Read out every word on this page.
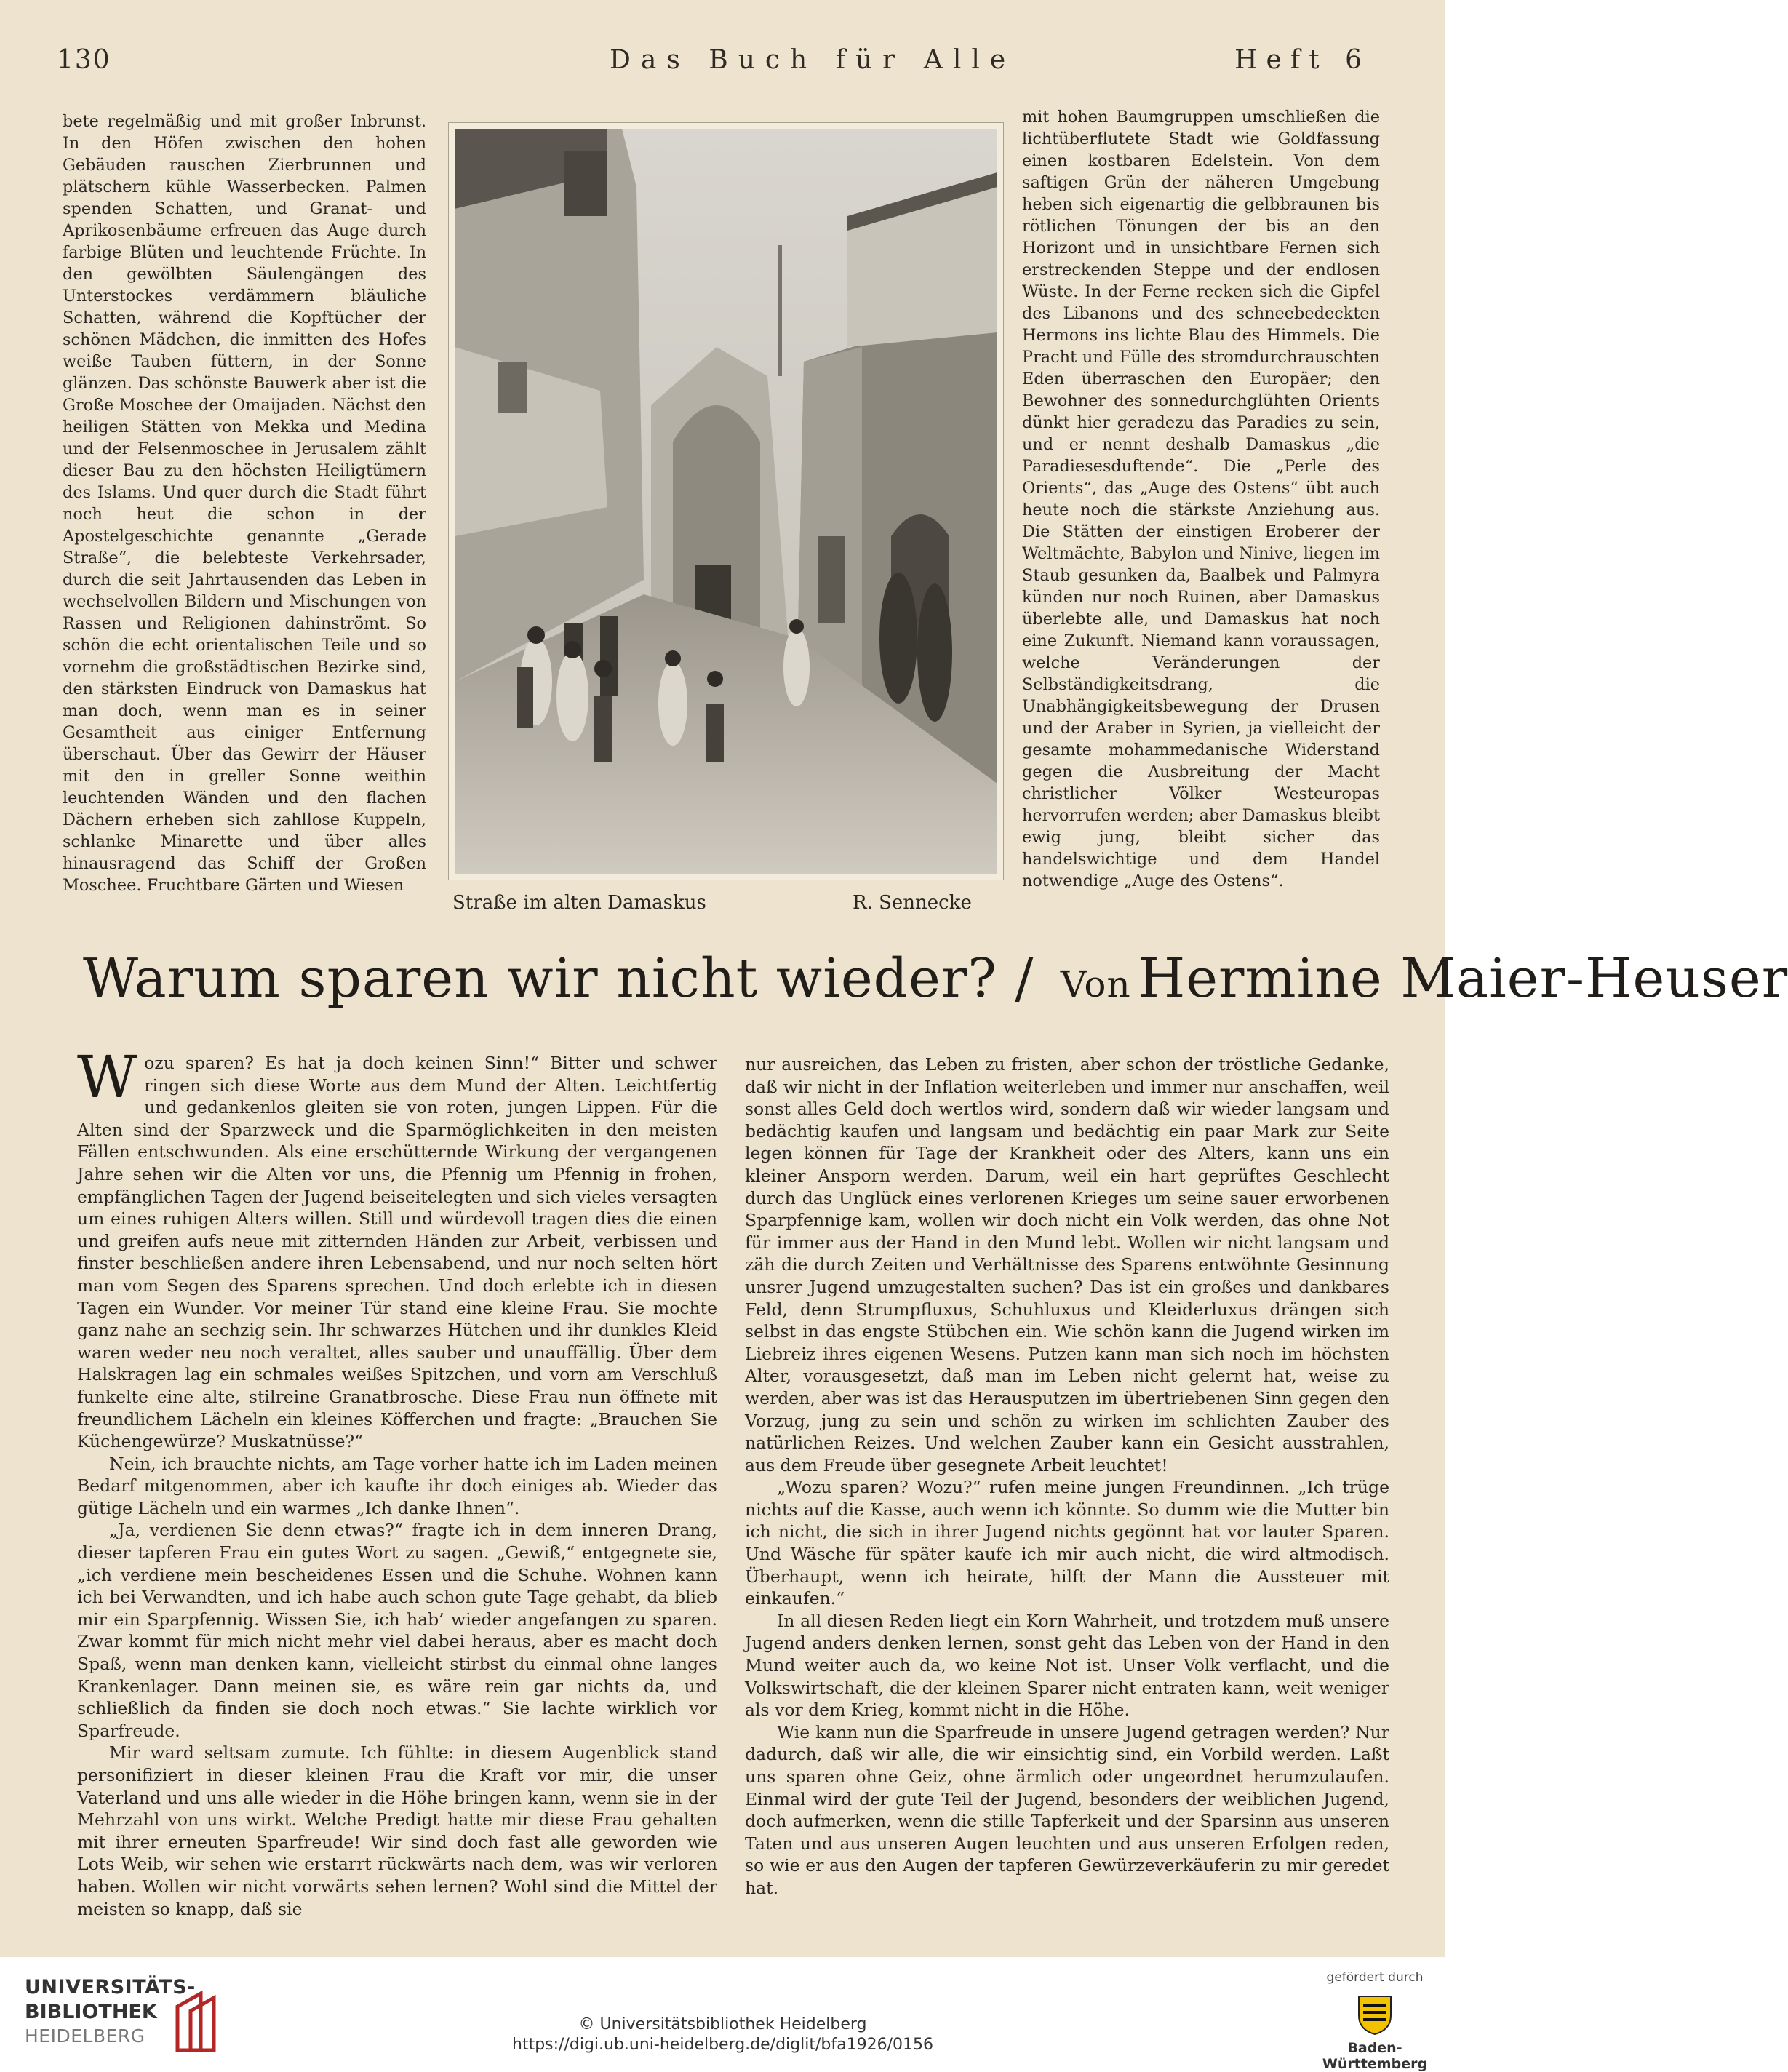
130	Das Buch für Alle	Heft 6

bete regelmäßig und mit großer Inbrunst. In den Höfen zwischen den hohen Gebäuden rauschen Zierbrunnen und plätschern kühle Wasserbecken. Palmen spenden Schatten, und Granat- und Aprikosenbäume erfreuen das Auge durch farbige Blüten und leuchtende Früchte. In den gewölbten Säulengängen des Unterstockes verdämmern bläuliche Schatten, während die Kopftücher der schönen Mädchen, die inmitten des Hofes weiße Tauben füttern, in der Sonne glänzen. Das schönste Bauwerk aber ist die Große Moschee der Omaijaden. Nächst den heiligen Stätten von Mekka und Medina und der Felsenmoschee in Jerusalem zählt dieser Bau zu den höchsten Heiligtümern des Islams. Und quer durch die Stadt führt noch heut die schon in der Apostelgeschichte genannte „Gerade Straße“, die belebteste Verkehrsader, durch die seit Jahrtausenden das Leben in wechselvollen Bildern und Mischungen von Rassen und Religionen dahinströmt. So schön die echt orientalischen Teile und so vornehm die großstädtischen Bezirke sind, den stärksten Eindruck von Damaskus hat man doch, wenn man es in seiner Gesamtheit aus einiger Entfernung überschaut. Über das Gewirr der Häuser mit den in greller Sonne weithin leuchtenden Wänden und den flachen Dächern erheben sich zahllose Kuppeln, schlanke Minarette und über alles hinausragend das Schiff der Großen Moschee. Fruchtbare Gärten und Wiesen

Straße im alten Damaskus	R. Sennecke

mit hohen Baumgruppen umschließen die lichtüberflutete Stadt wie Goldfassung einen kostbaren Edelstein. Von dem saftigen Grün der näheren Umgebung heben sich eigenartig die gelbbraunen bis rötlichen Tönungen der bis an den Horizont und in unsichtbare Fernen sich erstreckenden Steppe und der endlosen Wüste. In der Ferne recken sich die Gipfel des Libanons und des schneebedeckten Hermons ins lichte Blau des Himmels. Die Pracht und Fülle des stromdurchrauschten Eden überraschen den Europäer; den Bewohner des sonnedurchglühten Orients dünkt hier geradezu das Paradies zu sein, und er nennt deshalb Damaskus „die Paradiesesduftende“. Die „Perle des Orients“, das „Auge des Ostens“ übt auch heute noch die stärkste Anziehung aus. Die Stätten der einstigen Eroberer der Weltmächte, Babylon und Ninive, liegen im Staub gesunken da, Baalbek und Palmyra künden nur noch Ruinen, aber Damaskus überlebte alle, und Damaskus hat noch eine Zukunft. Niemand kann voraussagen, welche Veränderungen der Selbständigkeitsdrang, die Unabhängigkeitsbewegung der Drusen und der Araber in Syrien, ja vielleicht der gesamte mohammedanische Widerstand gegen die Ausbreitung der Macht christlicher Völker Westeuropas hervorrufen werden; aber Damaskus bleibt ewig jung, bleibt sicher das handelswichtige und dem Handel notwendige „Auge des Ostens“.

Warum sparen wir nicht wieder? / Von Hermine Maier-Heuser

Wozu sparen? Es hat ja doch keinen Sinn!“ Bitter und schwer ringen sich diese Worte aus dem Mund der Alten. Leichtfertig und gedankenlos gleiten sie von roten, jungen Lippen. Für die Alten sind der Sparzweck und die Sparmöglichkeiten in den meisten Fällen entschwunden. Als eine erschütternde Wirkung der vergangenen Jahre sehen wir die Alten vor uns, die Pfennig um Pfennig in frohen, empfänglichen Tagen der Jugend beiseitelegten und sich vieles versagten um eines ruhigen Alters willen. Still und würdevoll tragen dies die einen und greifen aufs neue mit zitternden Händen zur Arbeit, verbissen und finster beschließen andere ihren Lebensabend, und nur noch selten hört man vom Segen des Sparens sprechen. Und doch erlebte ich in diesen Tagen ein Wunder. Vor meiner Tür stand eine kleine Frau. Sie mochte ganz nahe an sechzig sein. Ihr schwarzes Hütchen und ihr dunkles Kleid waren weder neu noch veraltet, alles sauber und unauffällig. Über dem Halskragen lag ein schmales weißes Spitzchen, und vorn am Verschluß funkelte eine alte, stilreine Granatbrosche. Diese Frau nun öffnete mit freundlichem Lächeln ein kleines Köfferchen und fragte: „Brauchen Sie Küchengewürze? Muskatnüsse?“

Nein, ich brauchte nichts, am Tage vorher hatte ich im Laden meinen Bedarf mitgenommen, aber ich kaufte ihr doch einiges ab. Wieder das gütige Lächeln und ein warmes „Ich danke Ihnen“.

„Ja, verdienen Sie denn etwas?“ fragte ich in dem inneren Drang, dieser tapferen Frau ein gutes Wort zu sagen. „Gewiß,“ entgegnete sie, „ich verdiene mein bescheidenes Essen und die Schuhe. Wohnen kann ich bei Verwandten, und ich habe auch schon gute Tage gehabt, da blieb mir ein Sparpfennig. Wissen Sie, ich hab’ wieder angefangen zu sparen. Zwar kommt für mich nicht mehr viel dabei heraus, aber es macht doch Spaß, wenn man denken kann, vielleicht stirbst du einmal ohne langes Krankenlager. Dann meinen sie, es wäre rein gar nichts da, und schließlich da finden sie doch noch etwas.“ Sie lachte wirklich vor Sparfreude.

Mir ward seltsam zumute. Ich fühlte: in diesem Augenblick stand personifiziert in dieser kleinen Frau die Kraft vor mir, die unser Vaterland und uns alle wieder in die Höhe bringen kann, wenn sie in der Mehrzahl von uns wirkt. Welche Predigt hatte mir diese Frau gehalten mit ihrer erneuten Sparfreude! Wir sind doch fast alle geworden wie Lots Weib, wir sehen wie erstarrt rückwärts nach dem, was wir verloren haben. Wollen wir nicht vorwärts sehen lernen? Wohl sind die Mittel der meisten so knapp, daß sie

nur ausreichen, das Leben zu fristen, aber schon der tröstliche Gedanke, daß wir nicht in der Inflation weiterleben und immer nur anschaffen, weil sonst alles Geld doch wertlos wird, sondern daß wir wieder langsam und bedächtig kaufen und langsam und bedächtig ein paar Mark zur Seite legen können für Tage der Krankheit oder des Alters, kann uns ein kleiner Ansporn werden. Darum, weil ein hart geprüftes Geschlecht durch das Unglück eines verlorenen Krieges um seine sauer erworbenen Sparpfennige kam, wollen wir doch nicht ein Volk werden, das ohne Not für immer aus der Hand in den Mund lebt. Wollen wir nicht langsam und zäh die durch Zeiten und Verhältnisse des Sparens entwöhnte Gesinnung unsrer Jugend umzugestalten suchen? Das ist ein großes und dankbares Feld, denn Strumpfluxus, Schuhluxus und Kleiderluxus drängen sich selbst in das engste Stübchen ein. Wie schön kann die Jugend wirken im Liebreiz ihres eigenen Wesens. Putzen kann man sich noch im höchsten Alter, vorausgesetzt, daß man im Leben nicht gelernt hat, weise zu werden, aber was ist das Herausputzen im übertriebenen Sinn gegen den Vorzug, jung zu sein und schön zu wirken im schlichten Zauber des natürlichen Reizes. Und welchen Zauber kann ein Gesicht ausstrahlen, aus dem Freude über gesegnete Arbeit leuchtet!

„Wozu sparen? Wozu?“ rufen meine jungen Freundinnen. „Ich trüge nichts auf die Kasse, auch wenn ich könnte. So dumm wie die Mutter bin ich nicht, die sich in ihrer Jugend nichts gegönnt hat vor lauter Sparen. Und Wäsche für später kaufe ich mir auch nicht, die wird altmodisch. Überhaupt, wenn ich heirate, hilft der Mann die Aussteuer mit einkaufen.“

In all diesen Reden liegt ein Korn Wahrheit, und trotzdem muß unsere Jugend anders denken lernen, sonst geht das Leben von der Hand in den Mund weiter auch da, wo keine Not ist. Unser Volk verflacht, und die Volkswirtschaft, die der kleinen Sparer nicht entraten kann, weit weniger als vor dem Krieg, kommt nicht in die Höhe.

Wie kann nun die Sparfreude in unsere Jugend getragen werden? Nur dadurch, daß wir alle, die wir einsichtig sind, ein Vorbild werden. Laßt uns sparen ohne Geiz, ohne ärmlich oder ungeordnet herumzulaufen. Einmal wird der gute Teil der Jugend, besonders der weiblichen Jugend, doch aufmerken, wenn die stille Tapferkeit und der Sparsinn aus unseren Taten und aus unseren Augen leuchten und aus unseren Erfolgen reden, so wie er aus den Augen der tapferen Gewürzeverkäuferin zu mir geredet hat.

UNIVERSITÄTS-
BIBLIOTHEK
HEIDELBERG
© Universitätsbibliothek Heidelberg
https://digi.ub.uni-heidelberg.de/diglit/bfa1926/0156
gefördert durch
Baden-Württemberg
